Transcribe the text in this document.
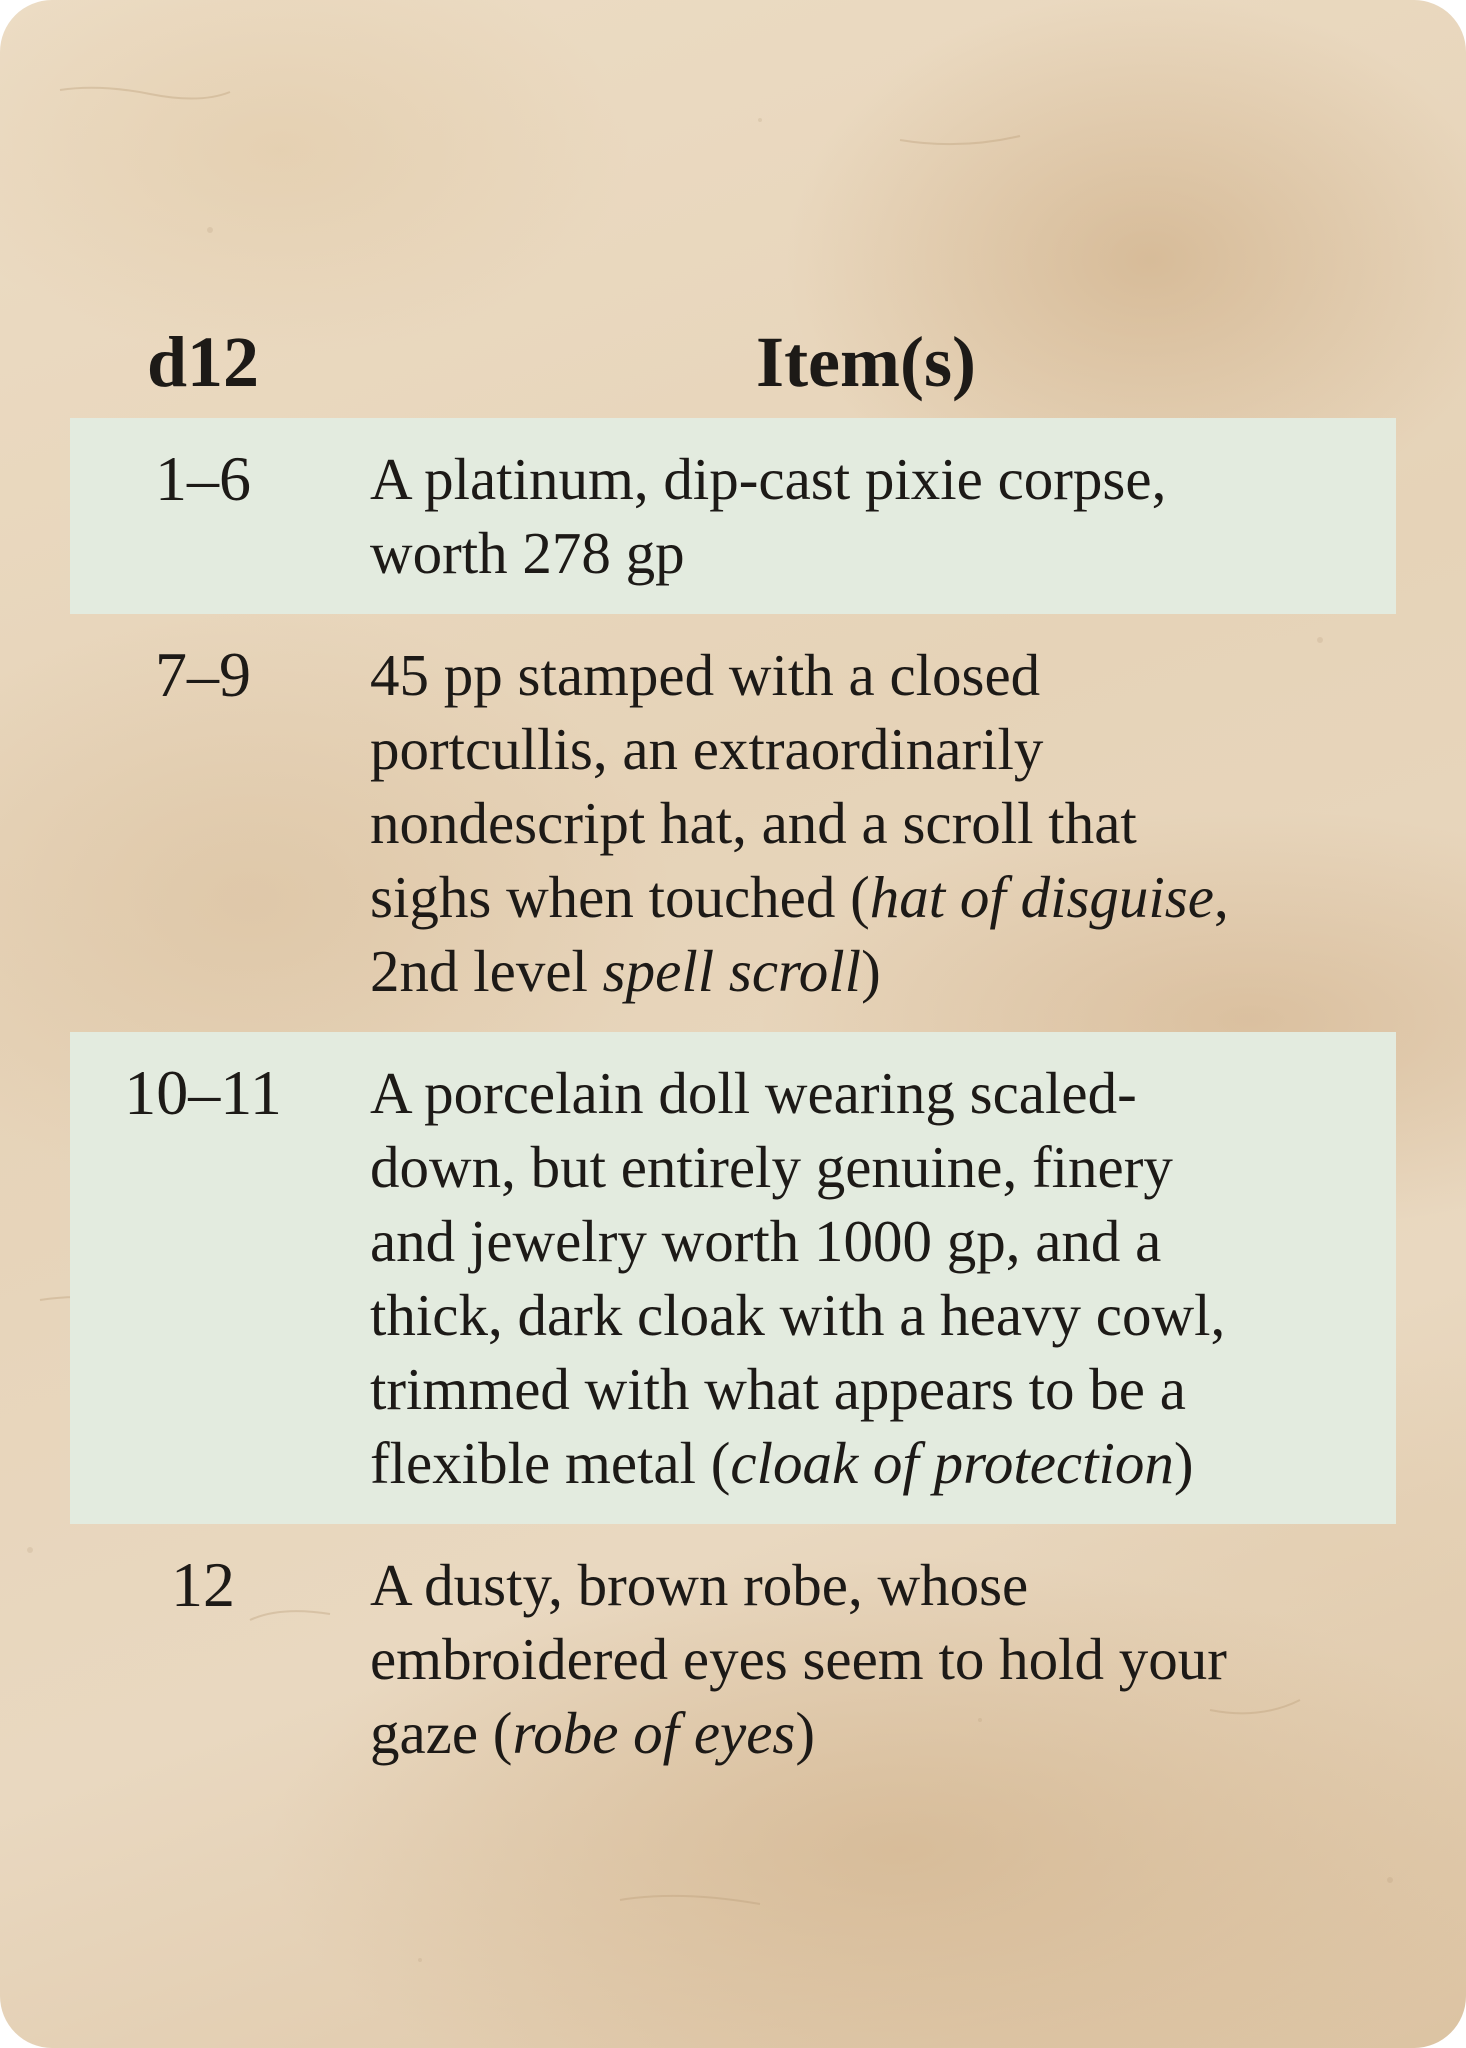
d12	Item(s)
1–6	A platinum, dip-cast pixie corpse,
worth 278 gp
7–9	45 pp stamped with a closed
portcullis, an extraordinarily
nondescript hat, and a scroll that
sighs when touched (hat of disguise,
2nd level spell scroll)
10–11	A porcelain doll wearing scaled-
down, but entirely genuine, finery
and jewelry worth 1000 gp, and a
thick, dark cloak with a heavy cowl,
trimmed with what appears to be a
flexible metal (cloak of protection)
12	A dusty, brown robe, whose
embroidered eyes seem to hold your
gaze (robe of eyes)
